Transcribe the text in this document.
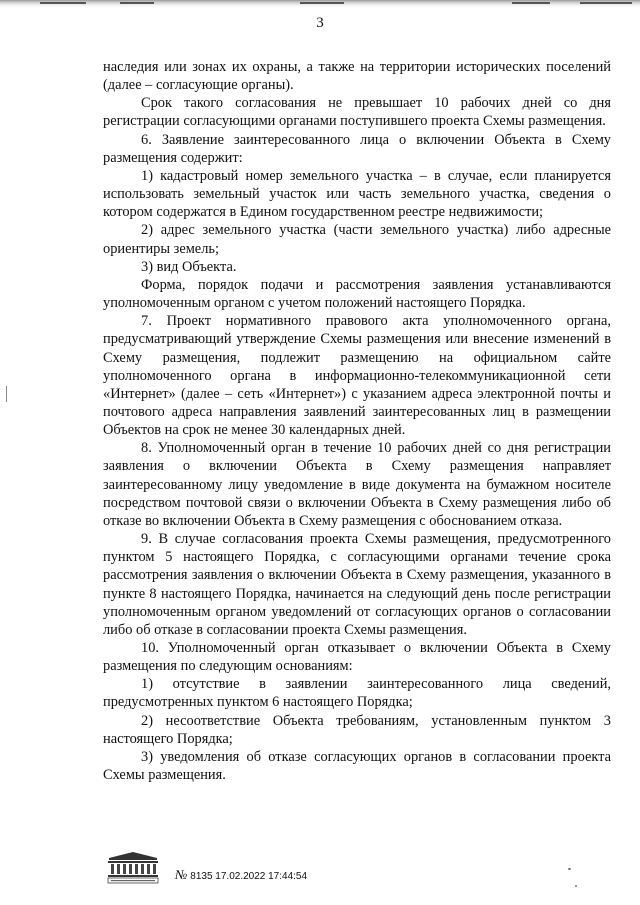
3

наследия или зонах их охраны, а также на территории исторических поселений (далее – согласующие органы).

Срок такого согласования не превышает 10 рабочих дней со дня регистрации согласующими органами поступившего проекта Схемы размещения.

6. Заявление заинтересованного лица о включении Объекта в Схему размещения содержит:

1) кадастровый номер земельного участка – в случае, если планируется использовать земельный участок или часть земельного участка, сведения о котором содержатся в Едином государственном реестре недвижимости;

2) адрес земельного участка (части земельного участка) либо адресные ориентиры земель;

3) вид Объекта.

Форма, порядок подачи и рассмотрения заявления устанавливаются уполномоченным органом с учетом положений настоящего Порядка.

7. Проект нормативного правового акта уполномоченного органа, предусматривающий утверждение Схемы размещения или внесение изменений в Схему размещения, подлежит размещению на официальном сайте уполномоченного органа в информационно-телекоммуникационной сети «Интернет» (далее – сеть «Интернет») с указанием адреса электронной почты и почтового адреса направления заявлений заинтересованных лиц в размещении Объектов на срок не менее 30 календарных дней.

8. Уполномоченный орган в течение 10 рабочих дней со дня регистрации заявления о включении Объекта в Схему размещения направляет заинтересованному лицу уведомление в виде документа на бумажном носителе посредством почтовой связи о включении Объекта в Схему размещения либо об отказе во включении Объекта в Схему размещения с обоснованием отказа.

9. В случае согласования проекта Схемы размещения, предусмотренного пунктом 5 настоящего Порядка, с согласующими органами течение срока рассмотрения заявления о включении Объекта в Схему размещения, указанного в пункте 8 настоящего Порядка, начинается на следующий день после регистрации уполномоченным органом уведомлений от согласующих органов о согласовании либо об отказе в согласовании проекта Схемы размещения.

10. Уполномоченный орган отказывает о включении Объекта в Схему размещения по следующим основаниям:

1) отсутствие в заявлении заинтересованного лица сведений, предусмотренных пунктом 6 настоящего Порядка;

2) несоответствие Объекта требованиям, установленным пунктом 3 настоящего Порядка;

3) уведомления об отказе согласующих органов в согласовании проекта Схемы размещения.

№ 8135 17.02.2022 17:44:54
